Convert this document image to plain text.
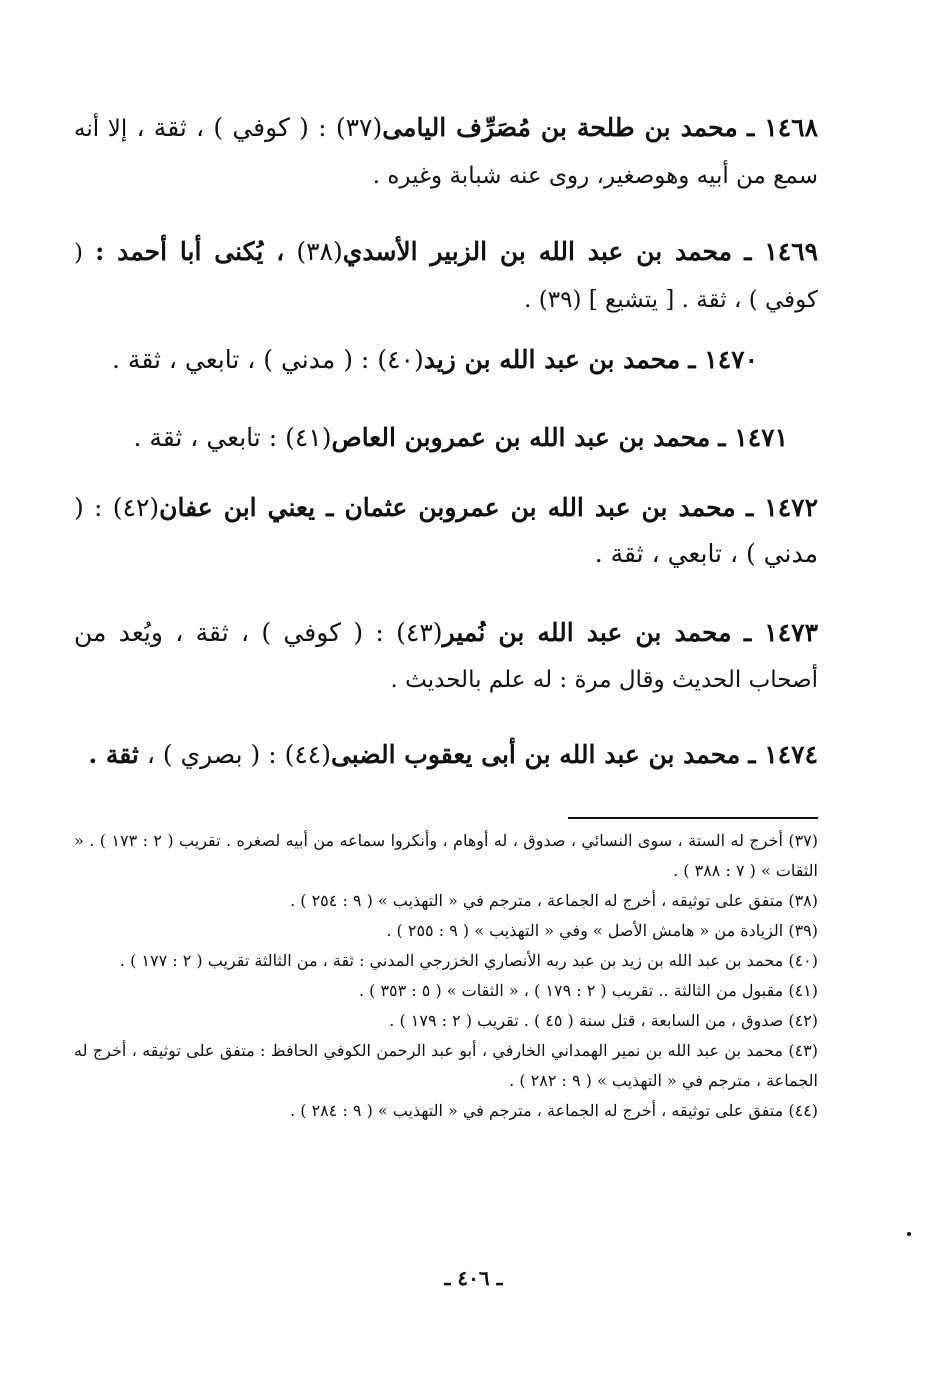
١٤٦٨ ـ محمد بن طلحة بن مُصَرِّف اليامى(٣٧) : ( كوفي ) ، ثقة ، إلا أنه سمع من أبيه وهوصغير، روى عنه شبابة وغيره .

١٤٦٩ ـ محمد بن عبد الله بن الزبير الأسدي(٣٨) ، يُكنى أبا أحمد : ( كوفي ) ، ثقة . [ يتشيع ] (٣٩) .

١٤٧٠ ـ محمد بن عبد الله بن زيد(٤٠) : ( مدني ) ، تابعي ، ثقة .

١٤٧١ ـ محمد بن عبد الله بن عمروبن العاص(٤١) : تابعي ، ثقة .

١٤٧٢ ـ محمد بن عبد الله بن عمروبن عثمان ـ يعني ابن عفان(٤٢) : ( مدني ) ، تابعي ، ثقة .

١٤٧٣ ـ محمد بن عبد الله بن نُمير(٤٣) : ( كوفي ) ، ثقة ، ويُعد من أصحاب الحديث وقال مرة : له علم بالحديث .

١٤٧٤ ـ محمد بن عبد الله بن أبى يعقوب الضبى(٤٤) : ( بصري ) ، ثقة .

(٣٧) أخرج له الستة ، سوى النسائي ، صدوق ، له أوهام ، وأنكروا سماعه من أبيه لصغره . تقريب ( ٢ : ١٧٣ ) . « الثقات » ( ٧ : ٣٨٨ ) .

(٣٨) متفق على توثيقه ، أخرج له الجماعة ، مترجم في « التهذيب » ( ٩ : ٢٥٤ ) .

(٣٩) الزيادة من « هامش الأصل » وفي « التهذيب » ( ٩ : ٢٥٥ ) .

(٤٠) محمد بن عبد الله بن زيد بن عبد ربه الأنصاري الخزرجي المدني : ثقة ، من الثالثة تقريب ( ٢ : ١٧٧ ) .

(٤١) مقبول من الثالثة .. تقريب ( ٢ : ١٧٩ ) ، « الثقات » ( ٥ : ٣٥٣ ) .

(٤٢) صدوق ، من السابعة ، قتل سنة ( ٤٥ ) . تقريب ( ٢ : ١٧٩ ) .

(٤٣) محمد بن عبد الله بن نمير الهمداني الخارفي ، أبو عبد الرحمن الكوفي الحافظ : متفق على توثيقه ، أخرج له الجماعة ، مترجم في « التهذيب » ( ٩ : ٢٨٢ ) .

(٤٤) متفق على توثيقه ، أخرج له الجماعة ، مترجم في « التهذيب » ( ٩ : ٢٨٤ ) .

ـ ٤٠٦ ـ
